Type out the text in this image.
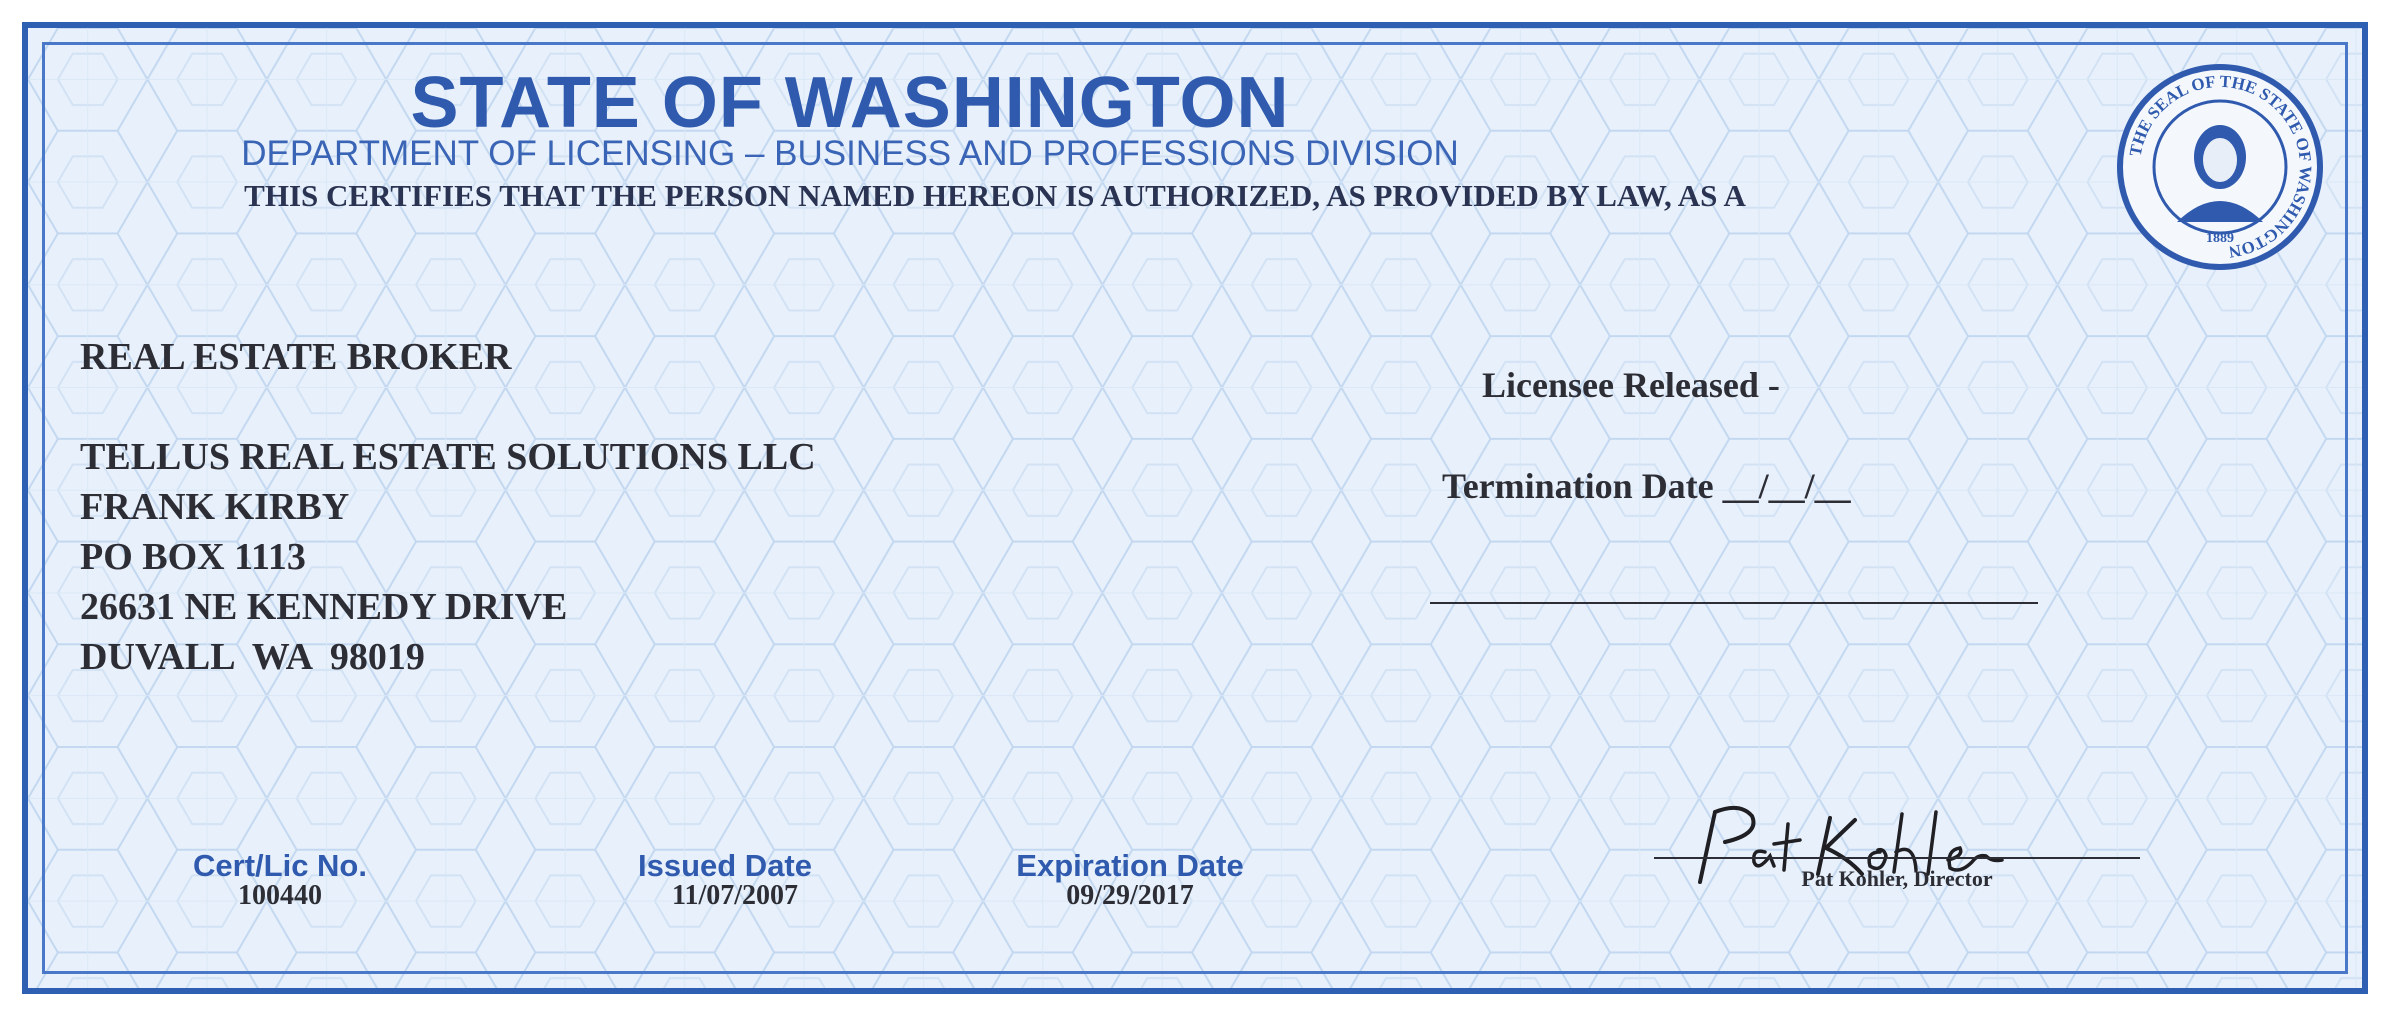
STATE OF WASHINGTON
DEPARTMENT OF LICENSING – BUSINESS AND PROFESSIONS DIVISION
THIS CERTIFIES THAT THE PERSON NAMED HEREON IS AUTHORIZED, AS PROVIDED BY LAW, AS A
THE SEAL OF THE STATE OF WASHINGTON
1889
REAL ESTATE BROKER
TELLUS REAL ESTATE SOLUTIONS LLC
FRANK KIRBY
PO BOX 1113
26631 NE KENNEDY DRIVE
DUVALL  WA  98019
Licensee Released -
Termination Date __/__/__
Cert/Lic No.
100440
Issued Date
11/07/2007
Expiration Date
09/29/2017
Pat Kohler, Director
